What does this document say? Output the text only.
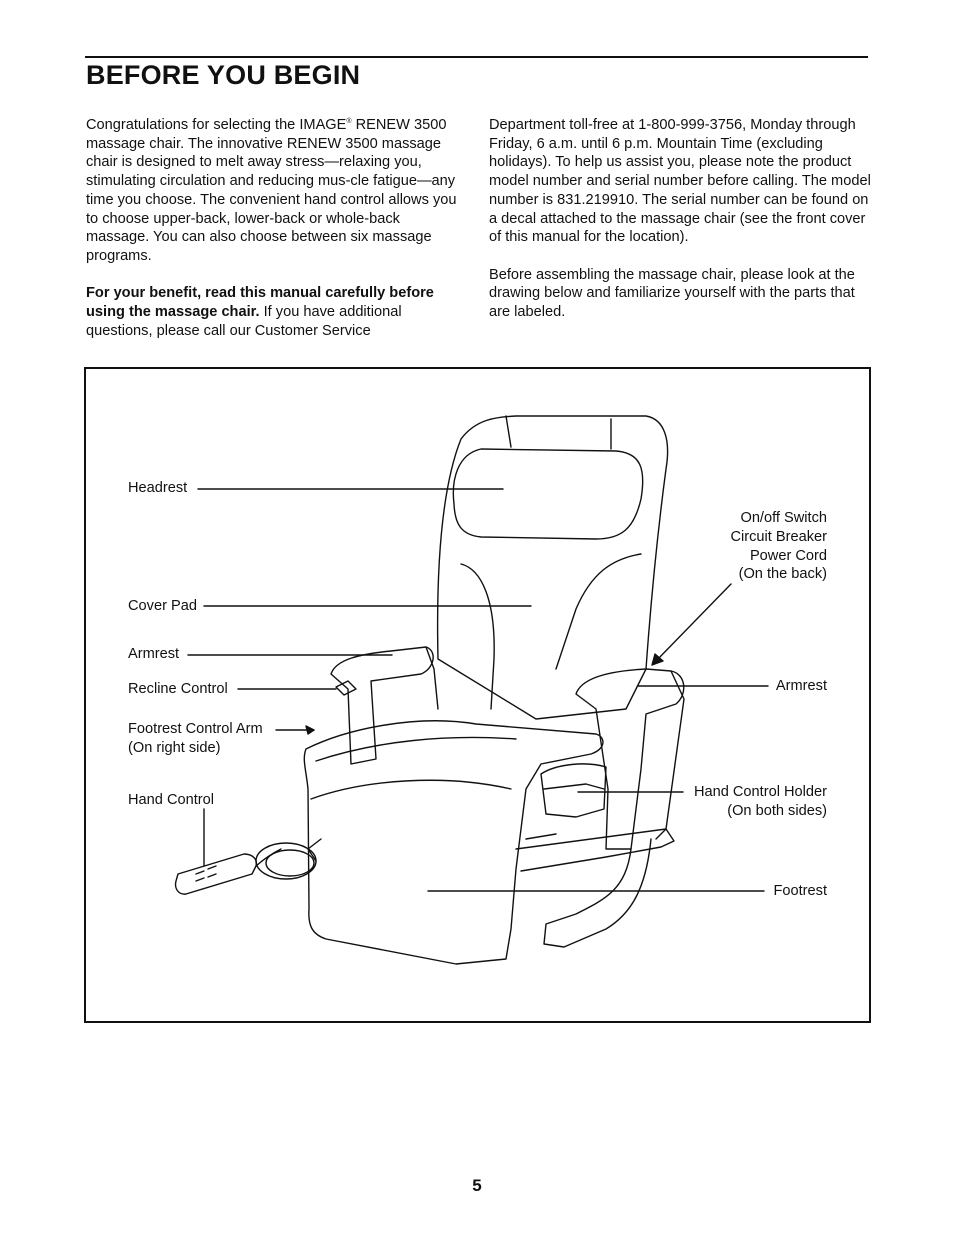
BEFORE YOU BEGIN

Congratulations for selecting the IMAGE® RENEW 3500 massage chair. The innovative RENEW 3500 massage chair is designed to melt away stress—relaxing you, stimulating circulation and reducing mus-cle fatigue—any time you choose. The convenient hand control allows you to choose upper-back, lower-back or whole-back massage. You can also choose between six massage programs.

For your benefit, read this manual carefully before using the massage chair. If you have additional questions, please call our Customer Service

Department toll-free at 1-800-999-3756, Monday through Friday, 6 a.m. until 6 p.m. Mountain Time (excluding holidays). To help us assist you, please note the product model number and serial number before calling. The model number is 831.219910. The serial number can be found on a decal attached to the massage chair (see the front cover of this manual for the location).

Before assembling the massage chair, please look at the drawing below and familiarize yourself with the parts that are labeled.

Headrest
Cover Pad
Armrest
Recline Control
Footrest Control Arm
(On right side)
Hand Control
On/off Switch
Circuit Breaker
Power Cord
(On the back)
Armrest
Hand Control Holder
(On both sides)
Footrest
5
